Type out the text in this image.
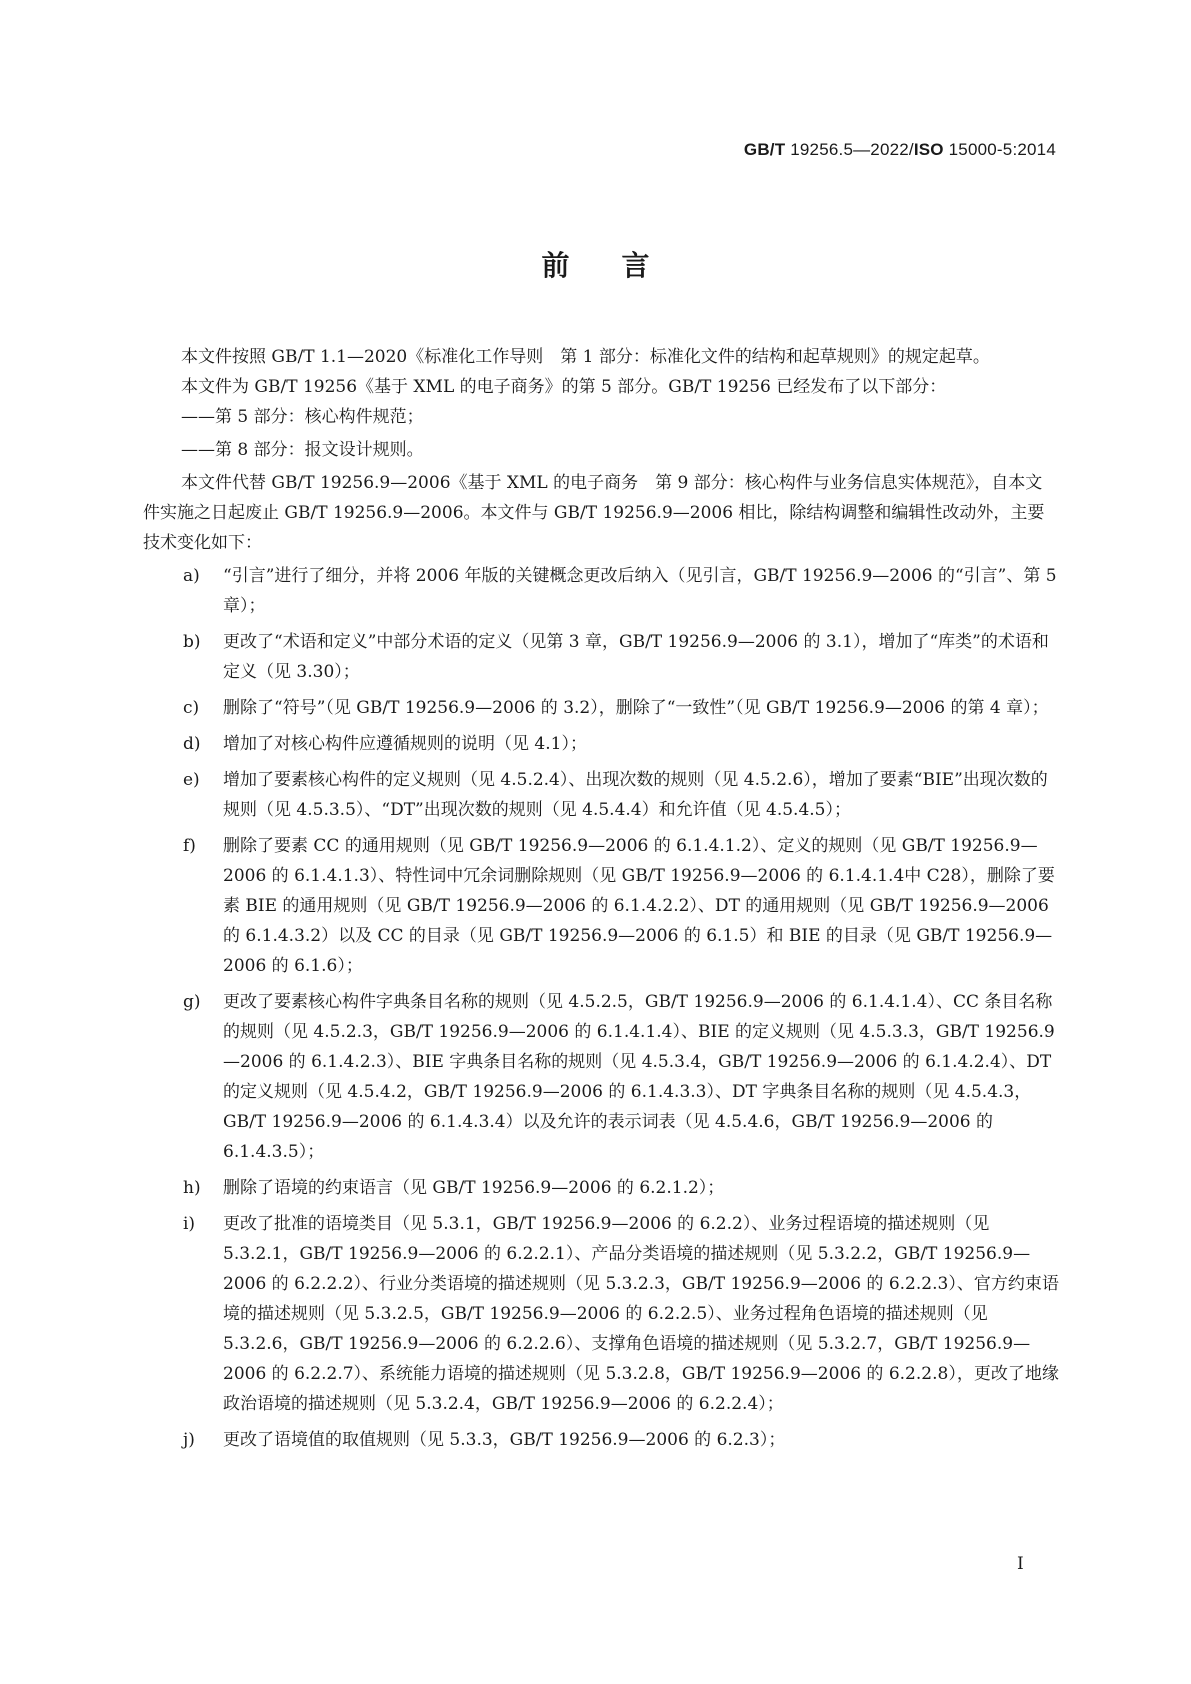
GB/T 19256.5—2022/ISO 15000-5:2014
前言

本文件按照 GB/T 1.1—2020《标准化工作导则　第 1 部分：标准化文件的结构和起草规则》的规定起草。

本文件为 GB/T 19256《基于 XML 的电子商务》的第 5 部分。GB/T 19256 已经发布了以下部分：

——第 5 部分：核心构件规范；

——第 8 部分：报文设计规则。

本文件代替 GB/T 19256.9—2006《基于 XML 的电子商务　第 9 部分：核心构件与业务信息实体规范》，自本文件实施之日起废止 GB/T 19256.9—2006。本文件与 GB/T 19256.9—2006 相比，除结构调整和编辑性改动外，主要技术变化如下：

a) “引言”进行了细分，并将 2006 年版的关键概念更改后纳入（见引言，GB/T 19256.9—2006 的“引言”、第 5 章）；
b) 更改了“术语和定义”中部分术语的定义（见第 3 章，GB/T 19256.9—2006 的 3.1），增加了“库类”的术语和定义（见 3.30）；
c) 删除了“符号”（见 GB/T 19256.9—2006 的 3.2），删除了“一致性”（见 GB/T 19256.9—2006 的第 4 章）；
d) 增加了对核心构件应遵循规则的说明（见 4.1）；
e) 增加了要素核心构件的定义规则（见 4.5.2.4）、出现次数的规则（见 4.5.2.6），增加了要素“BIE”出现次数的规则（见 4.5.3.5）、“DT”出现次数的规则（见 4.5.4.4）和允许值（见 4.5.4.5）；
f) 删除了要素 CC 的通用规则（见 GB/T 19256.9—2006 的 6.1.4.1.2）、定义的规则（见 GB/T 19256.9—2006 的 6.1.4.1.3）、特性词中冗余词删除规则（见 GB/T 19256.9—2006 的 6.1.4.1.4中 C28），删除了要素 BIE 的通用规则（见 GB/T 19256.9—2006 的 6.1.4.2.2）、DT 的通用规则（见 GB/T 19256.9—2006 的 6.1.4.3.2）以及 CC 的目录（见 GB/T 19256.9—2006 的 6.1.5）和 BIE 的目录（见 GB/T 19256.9—2006 的 6.1.6）；
g) 更改了要素核心构件字典条目名称的规则（见 4.5.2.5，GB/T 19256.9—2006 的 6.1.4.1.4）、CC 条目名称的规则（见 4.5.2.3，GB/T 19256.9—2006 的 6.1.4.1.4）、BIE 的定义规则（见 4.5.3.3，GB/T 19256.9—2006 的 6.1.4.2.3）、BIE 字典条目名称的规则（见 4.5.3.4，GB/T 19256.9—2006 的 6.1.4.2.4）、DT 的定义规则（见 4.5.4.2，GB/T 19256.9—2006 的 6.1.4.3.3）、DT 字典条目名称的规则（见 4.5.4.3，GB/T 19256.9—2006 的 6.1.4.3.4）以及允许的表示词表（见 4.5.4.6，GB/T 19256.9—2006 的 6.1.4.3.5）；
h) 删除了语境的约束语言（见 GB/T 19256.9—2006 的 6.2.1.2）；
i) 更改了批准的语境类目（见 5.3.1，GB/T 19256.9—2006 的 6.2.2）、业务过程语境的描述规则（见 5.3.2.1，GB/T 19256.9—2006 的 6.2.2.1）、产品分类语境的描述规则（见 5.3.2.2，GB/T 19256.9—2006 的 6.2.2.2）、行业分类语境的描述规则（见 5.3.2.3，GB/T 19256.9—2006 的 6.2.2.3）、官方约束语境的描述规则（见 5.3.2.5，GB/T 19256.9—2006 的 6.2.2.5）、业务过程角色语境的描述规则（见 5.3.2.6，GB/T 19256.9—2006 的 6.2.2.6）、支撑角色语境的描述规则（见 5.3.2.7，GB/T 19256.9—2006 的 6.2.2.7）、系统能力语境的描述规则（见 5.3.2.8，GB/T 19256.9—2006 的 6.2.2.8），更改了地缘政治语境的描述规则（见 5.3.2.4，GB/T 19256.9—2006 的 6.2.2.4）；
j) 更改了语境值的取值规则（见 5.3.3，GB/T 19256.9—2006 的 6.2.3）；
I
